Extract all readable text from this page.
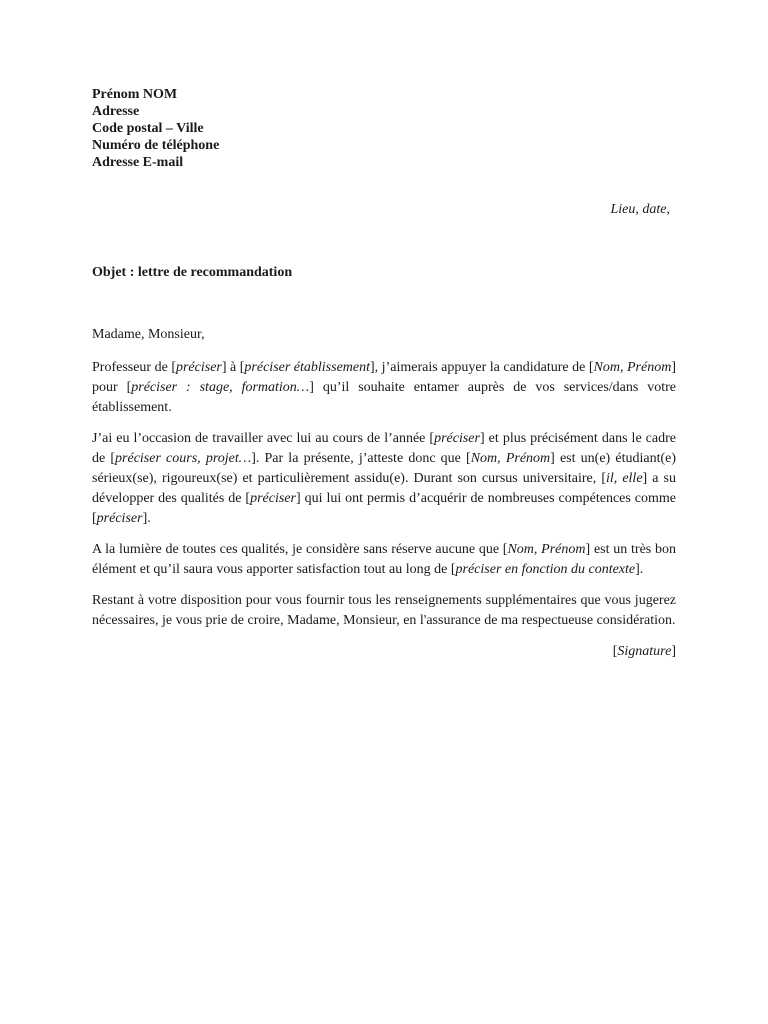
Prénom NOM
Adresse
Code postal – Ville
Numéro de téléphone
Adresse E-mail
Lieu, date,
Objet : lettre de recommandation
Madame, Monsieur,

Professeur de [préciser] à [préciser établissement], j’aimerais appuyer la candidature de [Nom, Prénom] pour [préciser : stage, formation…] qu’il souhaite entamer auprès de vos services/dans votre établissement.

J’ai eu l’occasion de travailler avec lui au cours de l’année [préciser] et plus précisément dans le cadre de [préciser cours, projet…]. Par la présente, j’atteste donc que [Nom, Prénom] est un(e) étudiant(e) sérieux(se), rigoureux(se) et particulièrement assidu(e). Durant son cursus universitaire, [il, elle] a su développer des qualités de [préciser] qui lui ont permis d’acquérir de nombreuses compétences comme [préciser].

A la lumière de toutes ces qualités, je considère sans réserve aucune que [Nom, Prénom] est un très bon élément et qu’il saura vous apporter satisfaction tout au long de [préciser en fonction du contexte].

Restant à votre disposition pour vous fournir tous les renseignements supplémentaires que vous jugerez nécessaires, je vous prie de croire, Madame, Monsieur, en l'assurance de ma respectueuse considération.

[Signature]
